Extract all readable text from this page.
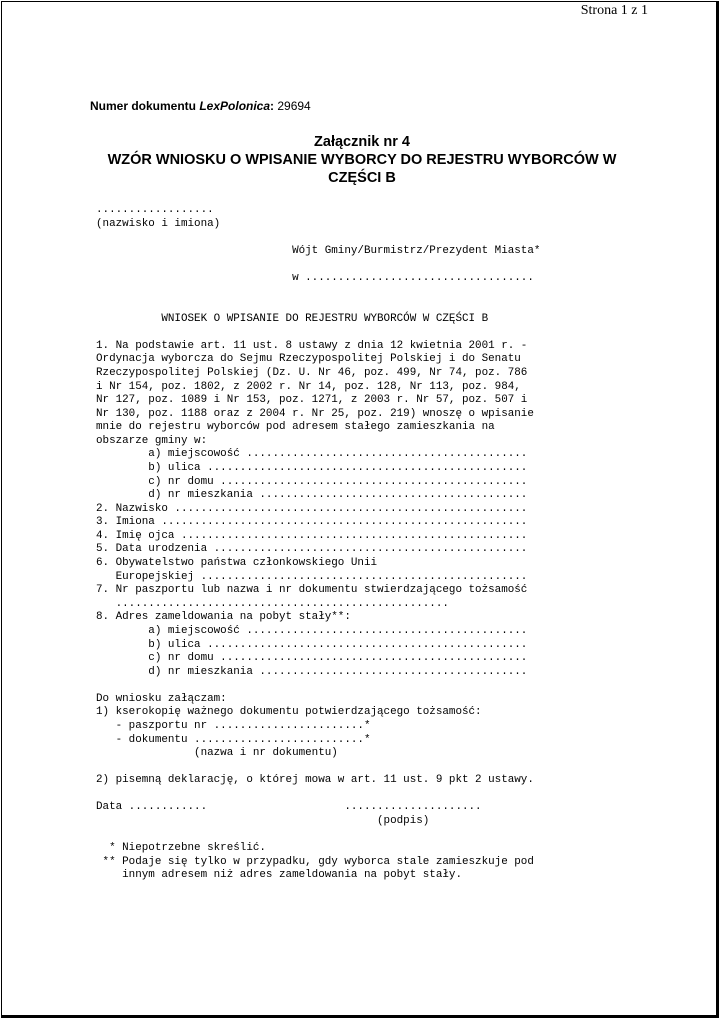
Strona 1 z 1
Numer dokumentu LexPolonica: 29694
Załącznik nr 4
WZÓR WNIOSKU O WPISANIE WYBORCY DO REJESTRU WYBORCÓW W
CZĘŚCI B
..................
(nazwisko i imiona)
Wójt Gminy/Burmistrz/Prezydent Miasta*
w ...................................
WNIOSEK O WPISANIE DO REJESTRU WYBORCÓW W CZĘŚCI B
1. Na podstawie art. 11 ust. 8 ustawy z dnia 12 kwietnia 2001 r. -
Ordynacja wyborcza do Sejmu Rzeczypospolitej Polskiej i do Senatu
Rzeczypospolitej Polskiej (Dz. U. Nr 46, poz. 499, Nr 74, poz. 786
i Nr 154, poz. 1802, z 2002 r. Nr 14, poz. 128, Nr 113, poz. 984,
Nr 127, poz. 1089 i Nr 153, poz. 1271, z 2003 r. Nr 57, poz. 507 i
Nr 130, poz. 1188 oraz z 2004 r. Nr 25, poz. 219) wnoszę o wpisanie
mnie do rejestru wyborców pod adresem stałego zamieszkania na
obszarze gminy w:
a) miejscowość ...........................................
b) ulica .................................................
c) nr domu ...............................................
d) nr mieszkania .........................................
2. Nazwisko ......................................................
3. Imiona ........................................................
4. Imię ojca .....................................................
5. Data urodzenia ................................................
6. Obywatelstwo państwa członkowskiego Unii
Europejskiej ..................................................
7. Nr paszportu lub nazwa i nr dokumentu stwierdzającego tożsamość
...................................................
8. Adres zameldowania na pobyt stały**:
a) miejscowość ...........................................
b) ulica .................................................
c) nr domu ...............................................
d) nr mieszkania .........................................
Do wniosku załączam:
1) kserokopię ważnego dokumentu potwierdzającego tożsamość:
- paszportu nr .......................*
- dokumentu ..........................*
(nazwa i nr dokumentu)
2) pisemną deklarację, o której mowa w art. 11 ust. 9 pkt 2 ustawy.
Data ............                     .....................
(podpis)
* Niepotrzebne skreślić.
** Podaje się tylko w przypadku, gdy wyborca stale zamieszkuje pod
innym adresem niż adres zameldowania na pobyt stały.
